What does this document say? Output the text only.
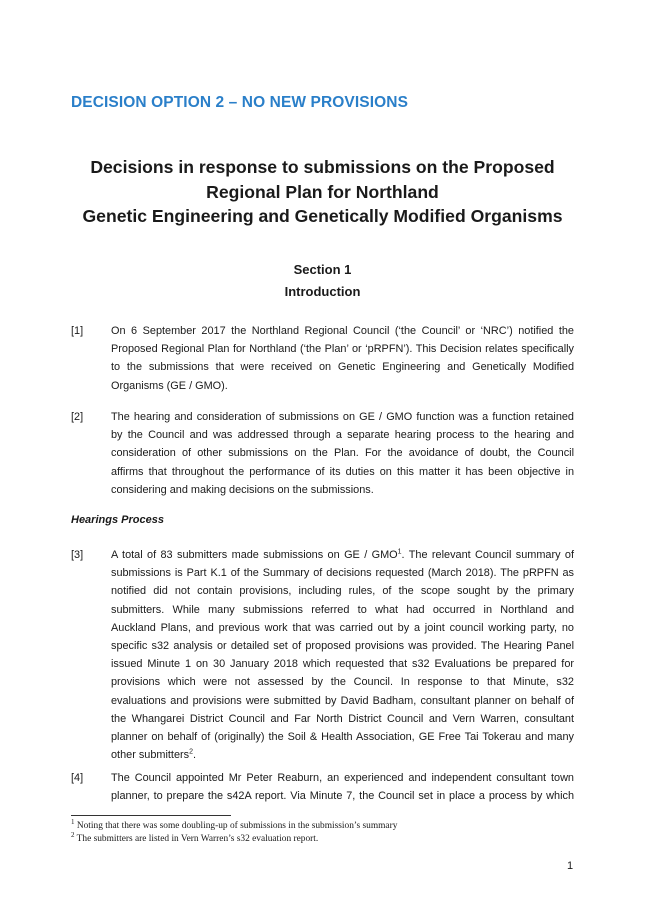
DECISION OPTION 2 – NO NEW PROVISIONS
Decisions in response to submissions on the Proposed
Regional Plan for Northland
Genetic Engineering and Genetically Modified Organisms
Section 1
Introduction
[1]	On 6 September 2017 the Northland Regional Council (‘the Council’ or ‘NRC’) notified the
Proposed Regional Plan for Northland (‘the Plan’ or ‘pRPFN’). This Decision relates specifically
to the submissions that were received on Genetic Engineering and Genetically Modified
Organisms (GE / GMO).
[2]	The hearing and consideration of submissions on GE / GMO function was a function retained
by the Council and was addressed through a separate hearing process to the hearing and
consideration of other submissions on the Plan. For the avoidance of doubt, the Council
affirms that throughout the performance of its duties on this matter it has been objective in
considering and making decisions on the submissions.
Hearings Process
[3]	A total of 83 submitters made submissions on GE / GMO$^1$. The relevant Council summary of
submissions is Part K.1 of the Summary of decisions requested (March 2018). The pRPFN as
notified did not contain provisions, including rules, of the scope sought by the primary
submitters. While many submissions referred to what had occurred in Northland and
Auckland Plans, and previous work that was carried out by a joint council working party, no
specific s32 analysis or detailed set of proposed provisions was provided. The Hearing Panel
issued Minute 1 on 30 January 2018 which requested that s32 Evaluations be prepared for
provisions which were not assessed by the Council. In response to that Minute, s32
evaluations and provisions were submitted by David Badham, consultant planner on behalf of
the Whangarei District Council and Far North District Council and Vern Warren, consultant
planner on behalf of (originally) the Soil & Health Association, GE Free Tai Tokerau and many
other submitters$^2$.
[4]	The Council appointed Mr Peter Reaburn, an experienced and independent consultant town
planner, to prepare the s42A report. Via Minute 7, the Council set in place a process by which
$^1$ Noting that there was some doubling-up of submissions in the submission’s summary
$^2$ The submitters are listed in Vern Warren’s s32 evaluation report.
1
